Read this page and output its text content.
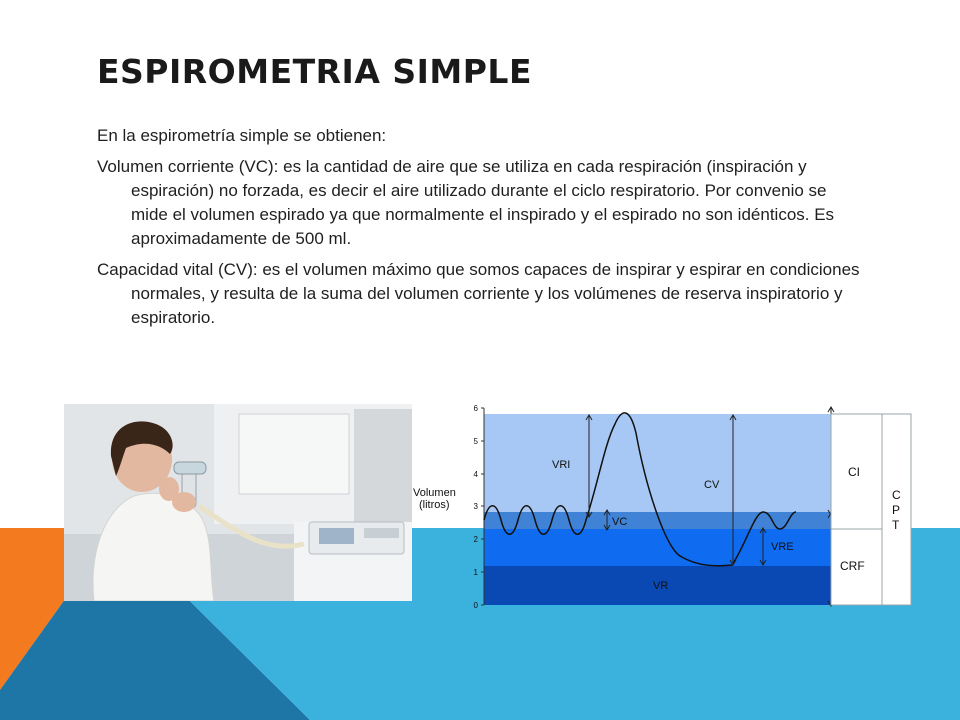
ESPIROMETRIA SIMPLE

En la espirometría simple se obtienen:

Volumen corriente (VC): es la cantidad de aire que se utiliza en cada respiración (inspiración y espiración) no forzada, es decir el aire utilizado durante el ciclo respiratorio. Por convenio se mide el volumen espirado ya que normalmente el inspirado y el espirado no son idénticos. Es aproximadamente de 500 ml.

Capacidad vital (CV): es el volumen máximo que somos capaces de inspirar y espirar en condiciones normales, y resulta de la suma del volumen corriente y los volúmenes de reserva inspiratorio y espiratorio.

0
1
2
3
4
5
6
Volumen
(litros)
VRI
VC
CV
VRE
VR
CI
CRF
C
P
T
